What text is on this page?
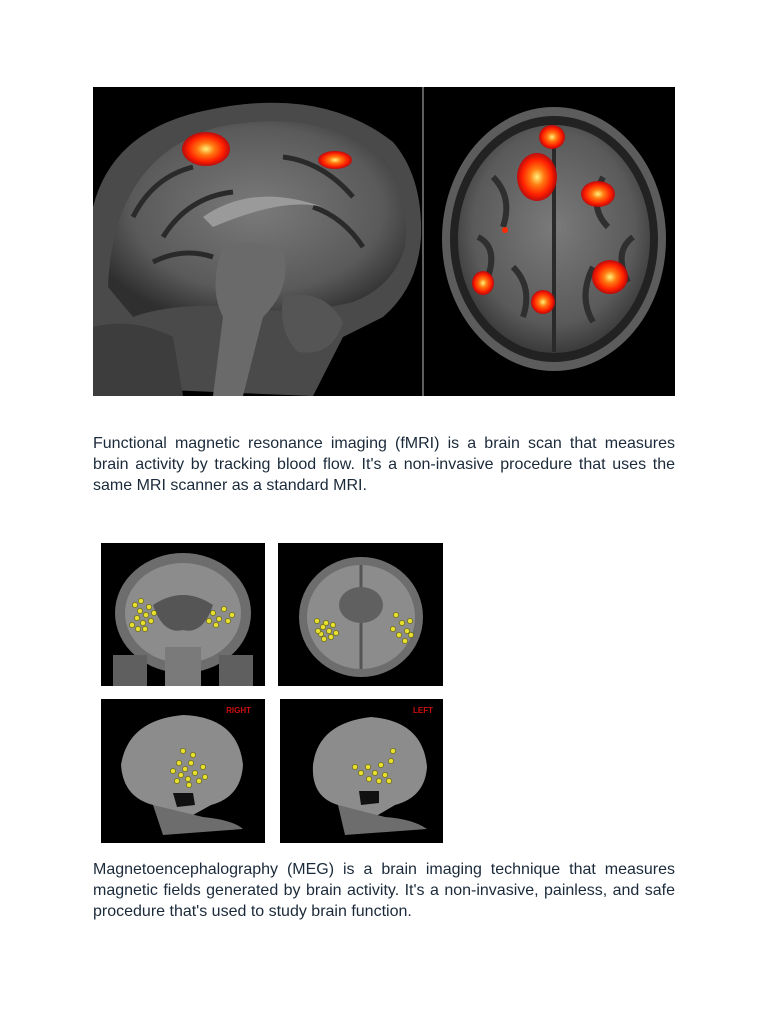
Functional magnetic resonance imaging (fMRI) is a brain scan that measures brain activity by tracking blood flow. It's a non-invasive procedure that uses the same MRI scanner as a standard MRI.

RIGHT	LEFT

Magnetoencephalography (MEG) is a brain imaging technique that measures magnetic fields generated by brain activity. It's a non-invasive, painless, and safe procedure that's used to study brain function.
